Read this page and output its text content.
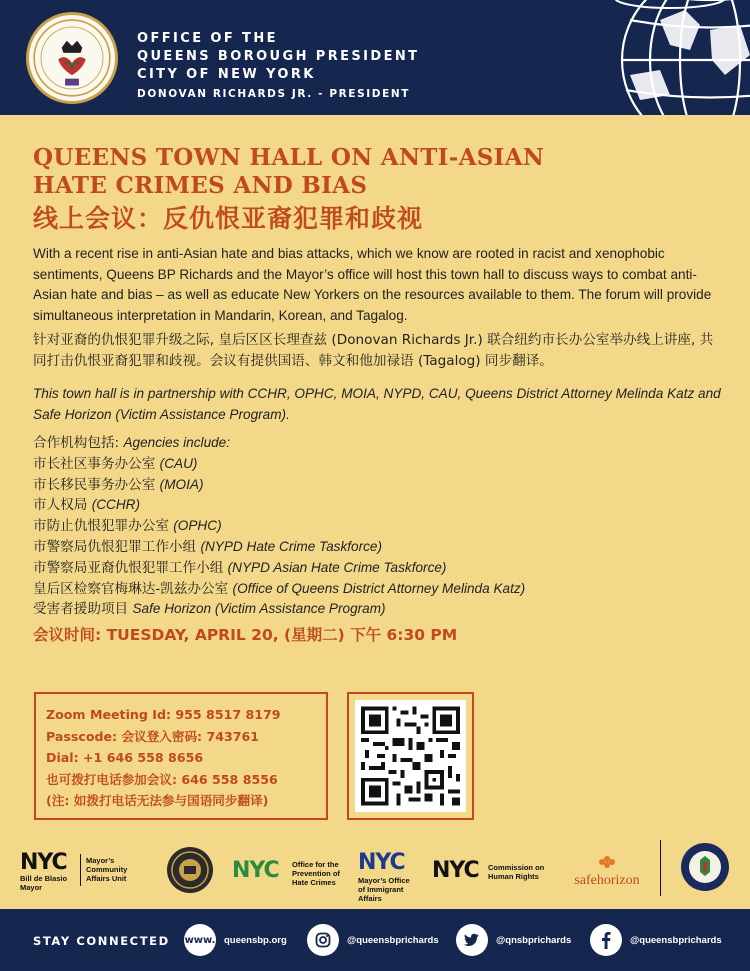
OFFICE OF THE
QUEENS BOROUGH PRESIDENT
CITY OF NEW YORK
DONOVAN RICHARDS JR. - PRESIDENT
QUEENS TOWN HALL ON ANTI-ASIAN
HATE CRIMES AND BIAS
线上会议：反仇恨亚裔犯罪和歧视

With a recent rise in anti-Asian hate and bias attacks, which we know are rooted in racist and xenophobic sentiments, Queens BP Richards and the Mayor’s office will host this town hall to discuss ways to combat anti-Asian hate and bias – as well as educate New Yorkers on the resources available to them. The forum will provide simultaneous interpretation in Mandarin, Korean, and Tagalog.

针对亚裔的仇恨犯罪升级之际, 皇后区区长理查兹 (Donovan Richards Jr.) 联合纽约市长办公室举办线上讲座, 共同打击仇恨亚裔犯罪和歧视。会议有提供国语、韩文和他加禄语 (Tagalog) 同步翻译。

This town hall is in partnership with CCHR, OPHC, MOIA, NYPD, CAU, Queens District Attorney Melinda Katz and Safe Horizon (Victim Assistance Program).

合作机构包括: Agencies include:
市长社区事务办公室 (CAU)
市长移民事务办公室 (MOIA)
市人权局 (CCHR)
市防止仇恨犯罪办公室 (OPHC)
市警察局仇恨犯罪工作小组 (NYPD Hate Crime Taskforce)
市警察局亚裔仇恨犯罪工作小组 (NYPD Asian Hate Crime Taskforce)
皇后区检察官梅琳达-凯兹办公室 (Office of Queens District Attorney Melinda Katz)
受害者援助项目 Safe Horizon (Victim Assistance Program)
会议时间: TUESDAY, APRIL 20, (星期二) 下午 6:30 PM
Zoom Meeting Id: 955 8517 8179
Passcode: 会议登入密码: 743761
Dial: +1 646 558 8656
也可拨打电话参加会议: 646 558 8556
(注: 如拨打电话无法参与国语同步翻译)
NYC
Bill de Blasio
Mayor
Mayor’s Community Affairs Unit	NYC Office for the Prevention of Hate Crimes
NYC
Mayor’s Office of Immigrant Affairs
NYC Commission on Human Rights	safehorizon
STAY CONNECTED www. queensbp.org	@queensbprichards	@qnsbprichards	@queensbprichards
